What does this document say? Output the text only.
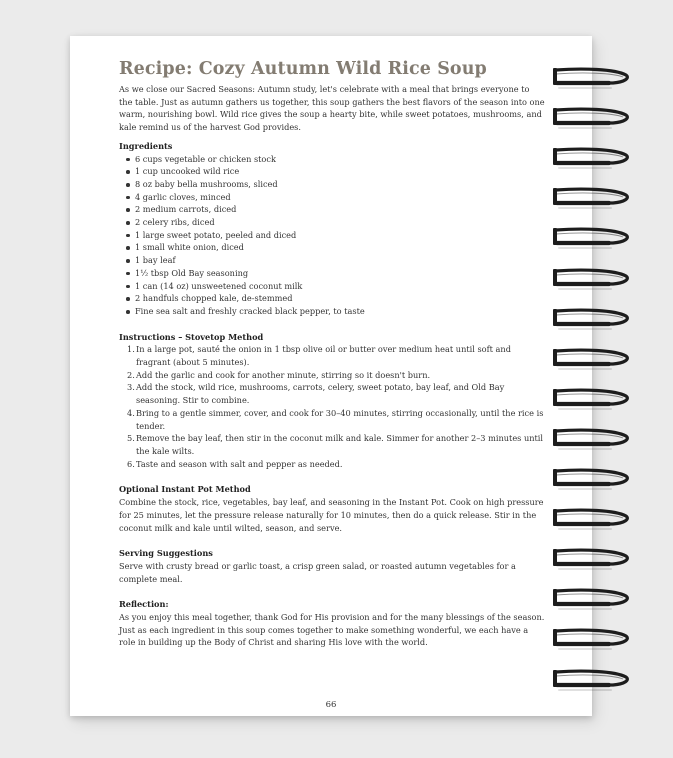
Recipe: Cozy Autumn Wild Rice Soup

As we close our Sacred Seasons: Autumn study, let's celebrate with a meal that brings everyone to the table. Just as autumn gathers us together, this soup gathers the best flavors of the season into one warm, nourishing bowl. Wild rice gives the soup a hearty bite, while sweet potatoes, mushrooms, and kale remind us of the harvest God provides.

Ingredients

6 cups vegetable or chicken stock
1 cup uncooked wild rice
8 oz baby bella mushrooms, sliced
4 garlic cloves, minced
2 medium carrots, diced
2 celery ribs, diced
1 large sweet potato, peeled and diced
1 small white onion, diced
1 bay leaf
1½ tbsp Old Bay seasoning
1 can (14 oz) unsweetened coconut milk
2 handfuls chopped kale, de-stemmed
Fine sea salt and freshly cracked black pepper, to taste

Instructions – Stovetop Method

1. In a large pot, sauté the onion in 1 tbsp olive oil or butter over medium heat until soft and fragrant (about 5 minutes).
2. Add the garlic and cook for another minute, stirring so it doesn't burn.
3. Add the stock, wild rice, mushrooms, carrots, celery, sweet potato, bay leaf, and Old Bay seasoning. Stir to combine.
4. Bring to a gentle simmer, cover, and cook for 30–40 minutes, stirring occasionally, until the rice is tender.
5. Remove the bay leaf, then stir in the coconut milk and kale. Simmer for another 2–3 minutes until the kale wilts.
6. Taste and season with salt and pepper as needed.

Optional Instant Pot Method

Combine the stock, rice, vegetables, bay leaf, and seasoning in the Instant Pot. Cook on high pressure for 25 minutes, let the pressure release naturally for 10 minutes, then do a quick release. Stir in the coconut milk and kale until wilted, season, and serve.

Serving Suggestions

Serve with crusty bread or garlic toast, a crisp green salad, or roasted autumn vegetables for a complete meal.

Reflection:

As you enjoy this meal together, thank God for His provision and for the many blessings of the season. Just as each ingredient in this soup comes together to make something wonderful, we each have a role in building up the Body of Christ and sharing His love with the world.

66
